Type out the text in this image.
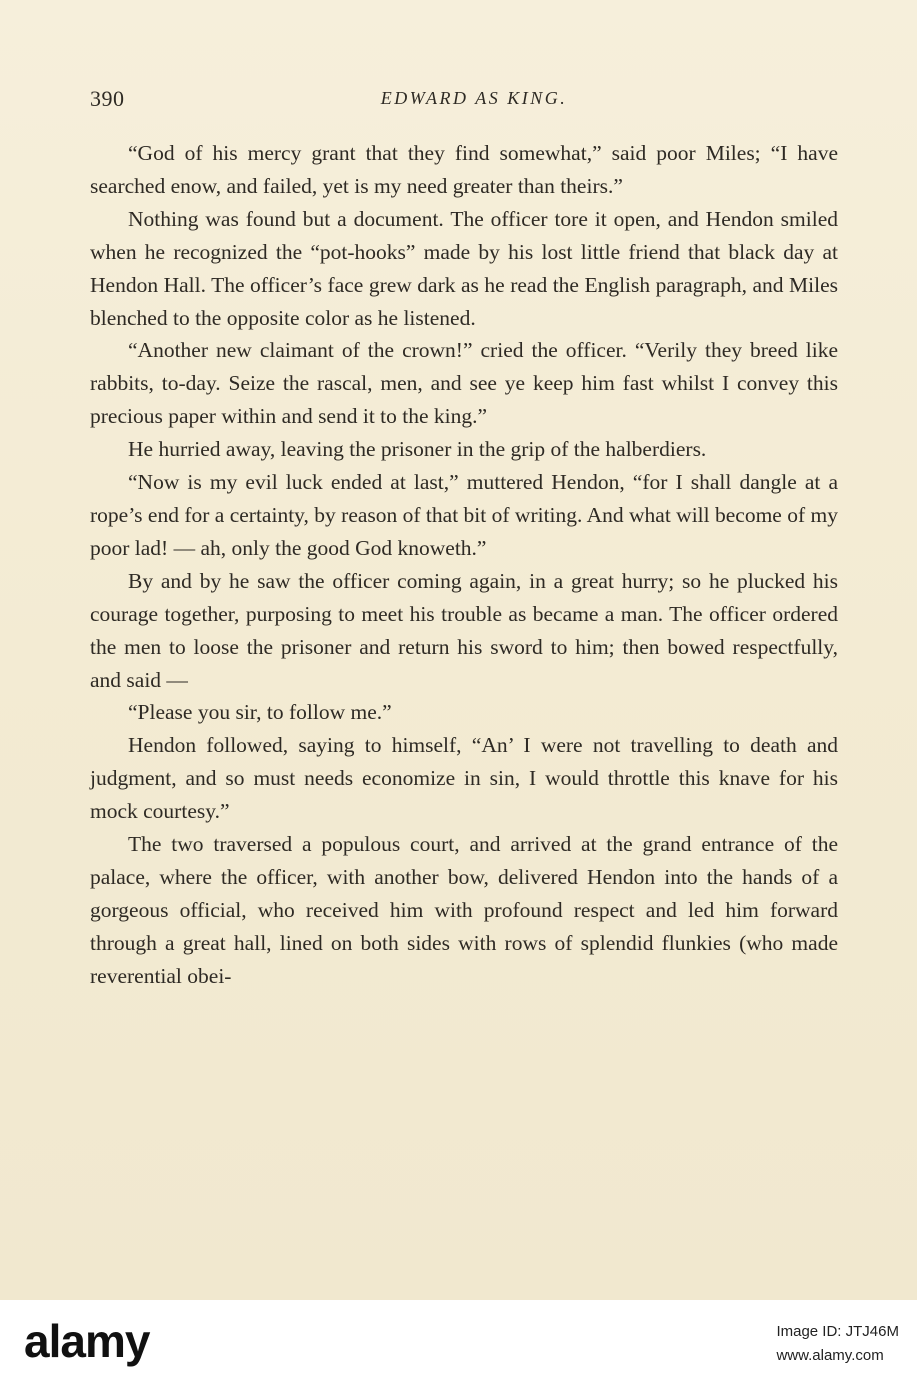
390	EDWARD AS KING.

“God of his mercy grant that they find somewhat,” said poor Miles; “I have searched enow, and failed, yet is my need greater than theirs.”

Nothing was found but a document. The officer tore it open, and Hendon smiled when he recognized the “pot-hooks” made by his lost little friend that black day at Hendon Hall. The officer’s face grew dark as he read the English paragraph, and Miles blenched to the opposite color as he listened.

“Another new claimant of the crown!” cried the officer. “Verily they breed like rabbits, to-day. Seize the rascal, men, and see ye keep him fast whilst I convey this precious paper within and send it to the king.”

He hurried away, leaving the prisoner in the grip of the halberdiers.

“Now is my evil luck ended at last,” muttered Hendon, “for I shall dangle at a rope’s end for a certainty, by reason of that bit of writing. And what will become of my poor lad! — ah, only the good God knoweth.”

By and by he saw the officer coming again, in a great hurry; so he plucked his courage together, purposing to meet his trouble as became a man. The officer ordered the men to loose the prisoner and return his sword to him; then bowed respectfully, and said —

“Please you sir, to follow me.”

Hendon followed, saying to himself, “An’ I were not travelling to death and judgment, and so must needs economize in sin, I would throttle this knave for his mock courtesy.”

The two traversed a populous court, and arrived at the grand entrance of the palace, where the officer, with another bow, delivered Hendon into the hands of a gorgeous official, who received him with profound respect and led him forward through a great hall, lined on both sides with rows of splendid flunkies (who made reverential obei-

alamy	Image ID: JTJ46M
www.alamy.com
